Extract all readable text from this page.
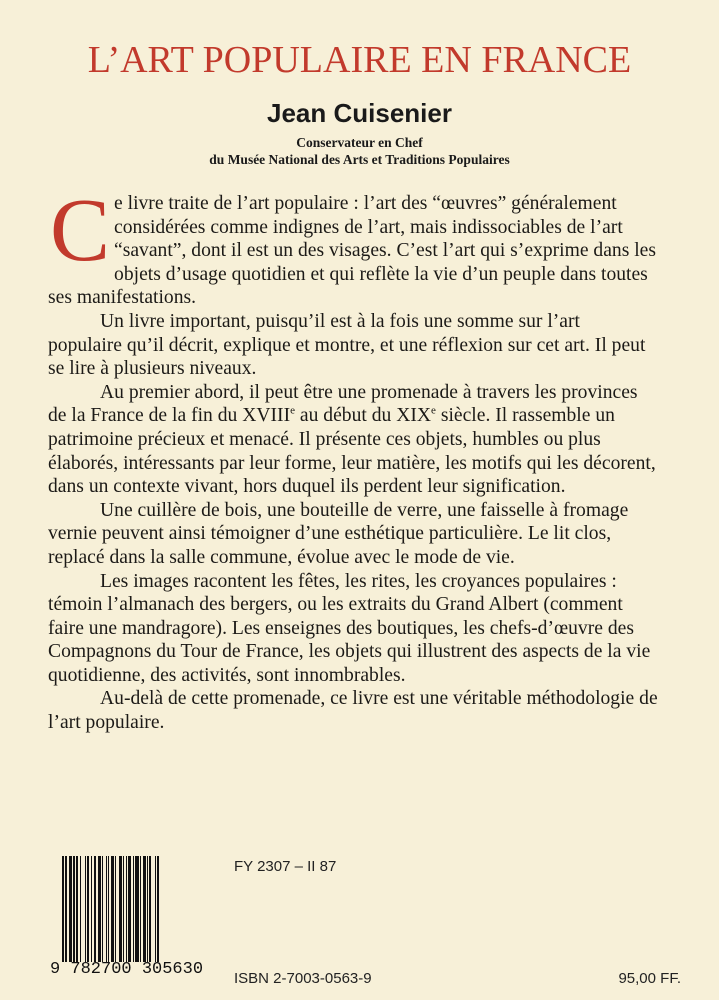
L’ART POPULAIRE EN FRANCE
Jean Cuisenier
Conservateur en Chef
du Musée National des Arts et Traditions Populaires

Ce livre traite de l’art populaire : l’art des “œuvres” généralement considérées comme indignes de l’art, mais indissociables de l’art “savant”, dont il est un des visages. C’est l’art qui s’exprime dans les objets d’usage quotidien et qui reflète la vie d’un peuple dans toutes ses manifestations.

Un livre important, puisqu’il est à la fois une somme sur l’art populaire qu’il décrit, explique et montre, et une réflexion sur cet art. Il peut se lire à plusieurs niveaux.

Au premier abord, il peut être une promenade à travers les provinces de la France de la fin du XVIIIe au début du XIXe siècle. Il rassemble un patrimoine précieux et menacé. Il présente ces objets, humbles ou plus élaborés, intéressants par leur forme, leur matière, les motifs qui les décorent, dans un contexte vivant, hors duquel ils perdent leur signification.

Une cuillère de bois, une bouteille de verre, une faisselle à fromage vernie peuvent ainsi témoigner d’une esthétique particulière. Le lit clos, replacé dans la salle commune, évolue avec le mode de vie.

Les images racontent les fêtes, les rites, les croyances populaires : témoin l’almanach des bergers, ou les extraits du Grand Albert (comment faire une mandragore). Les enseignes des boutiques, les chefs-d’œuvre des Compagnons du Tour de France, les objets qui illustrent des aspects de la vie quotidienne, des activités, sont innombrables.

Au-delà de cette promenade, ce livre est une véritable méthodologie de l’art populaire.

9 782700 305630
FY 2307 – II 87
ISBN 2-7003-0563-9	95,00 FF.
